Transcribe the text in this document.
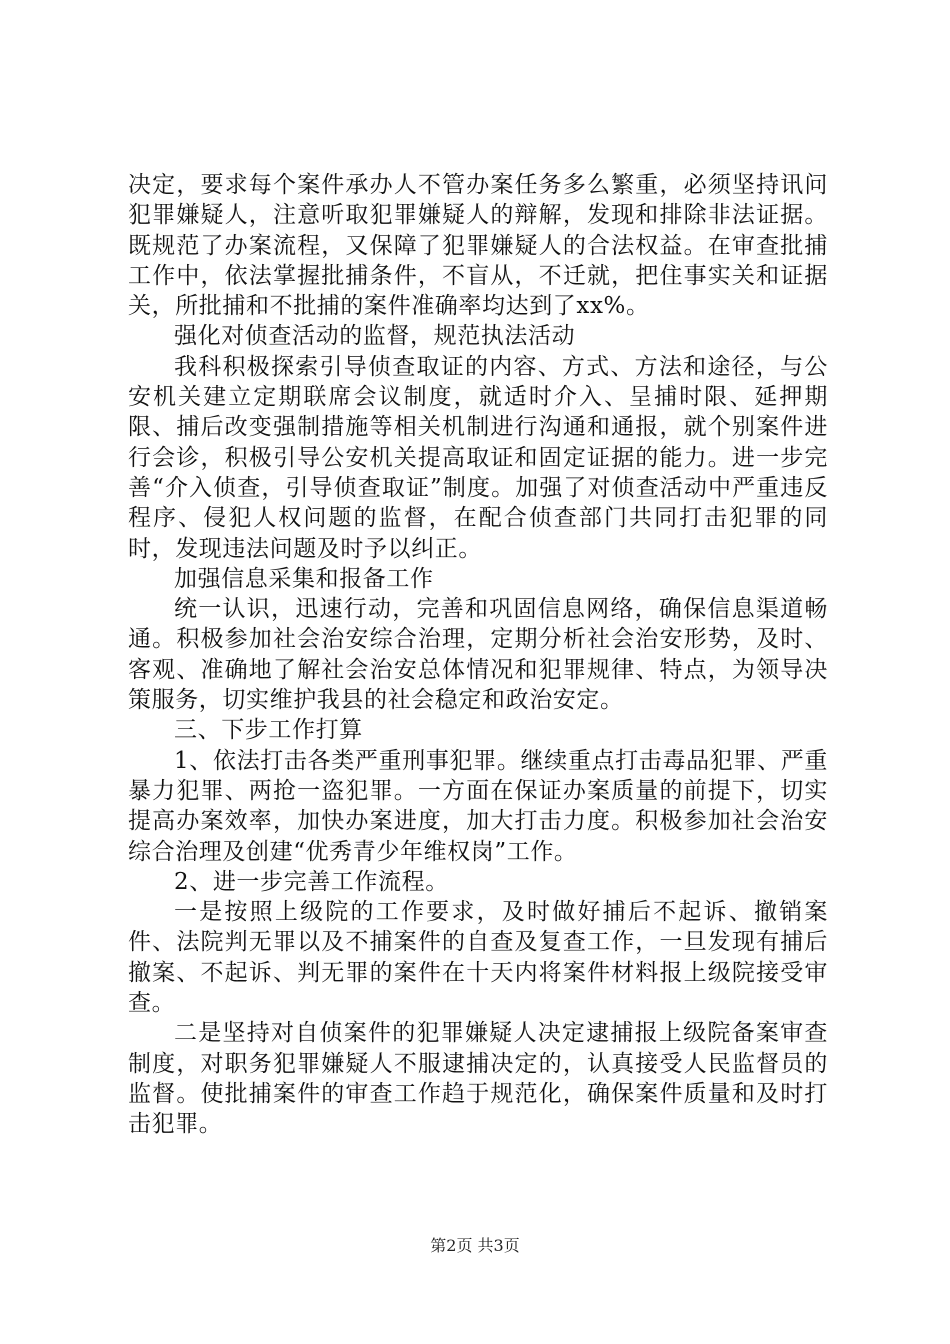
决定，要求每个案件承办人不管办案任务多么繁重，必须坚持讯问犯罪嫌疑人，注意听取犯罪嫌疑人的辩解，发现和排除非法证据。既规范了办案流程，又保障了犯罪嫌疑人的合法权益。在审查批捕工作中，依法掌握批捕条件，不盲从，不迁就，把住事实关和证据关，所批捕和不批捕的案件准确率均达到了xx%。

强化对侦查活动的监督，规范执法活动

我科积极探索引导侦查取证的内容、方式、方法和途径，与公安机关建立定期联席会议制度，就适时介入、呈捕时限、延押期限、捕后改变强制措施等相关机制进行沟通和通报，就个别案件进行会诊，积极引导公安机关提高取证和固定证据的能力。进一步完善“介入侦查，引导侦查取证”制度。加强了对侦查活动中严重违反程序、侵犯人权问题的监督，在配合侦查部门共同打击犯罪的同时，发现违法问题及时予以纠正。

加强信息采集和报备工作

统一认识，迅速行动，完善和巩固信息网络，确保信息渠道畅通。积极参加社会治安综合治理，定期分析社会治安形势，及时、客观、准确地了解社会治安总体情况和犯罪规律、特点，为领导决策服务，切实维护我县的社会稳定和政治安定。

三、下步工作打算

1、依法打击各类严重刑事犯罪。继续重点打击毒品犯罪、严重暴力犯罪、两抢一盗犯罪。一方面在保证办案质量的前提下，切实提高办案效率，加快办案进度，加大打击力度。积极参加社会治安综合治理及创建“优秀青少年维权岗”工作。

2、进一步完善工作流程。

一是按照上级院的工作要求，及时做好捕后不起诉、撤销案件、法院判无罪以及不捕案件的自查及复查工作，一旦发现有捕后撤案、不起诉、判无罪的案件在十天内将案件材料报上级院接受审查。

二是坚持对自侦案件的犯罪嫌疑人决定逮捕报上级院备案审查制度，对职务犯罪嫌疑人不服逮捕决定的，认真接受人民监督员的监督。使批捕案件的审查工作趋于规范化，确保案件质量和及时打击犯罪。

第2页 共3页
